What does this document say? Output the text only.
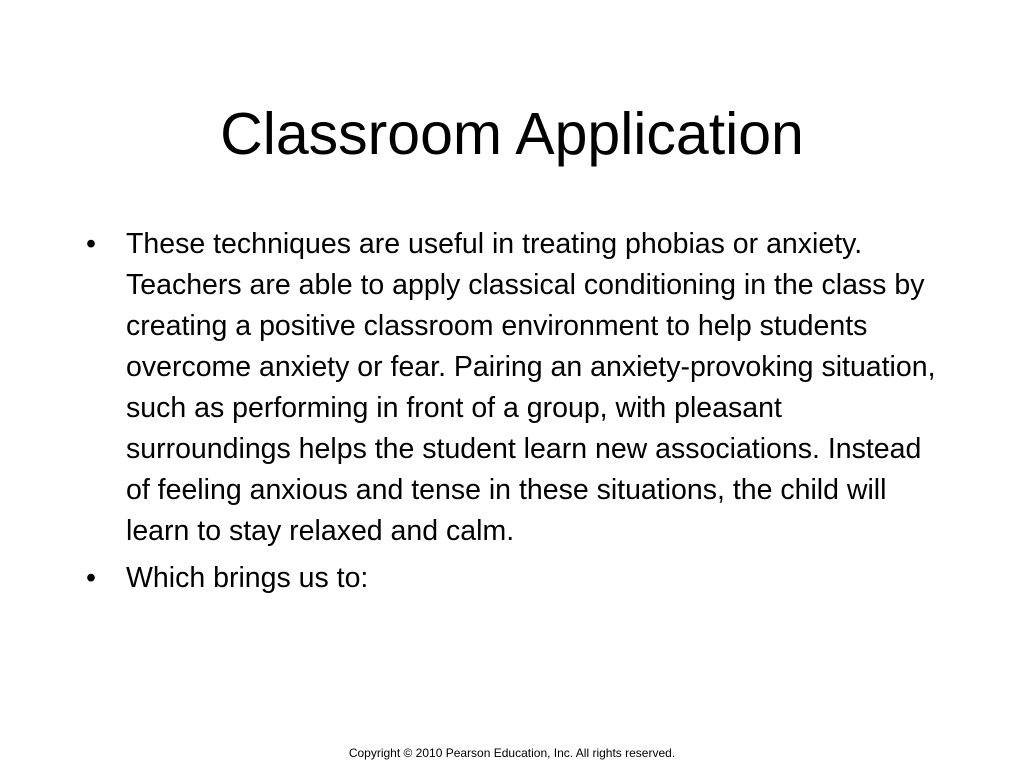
Classroom Application
•	These techniques are useful in treating phobias or anxiety.  Teachers are able to apply classical conditioning in the class by creating a positive classroom environment to help students overcome anxiety or fear. Pairing an anxiety-provoking situation, such as performing in front of a group, with pleasant surroundings helps the student learn new associations. Instead of feeling anxious and tense in these situations, the child will learn to stay relaxed and calm.
•	Which brings us to:
Copyright © 2010 Pearson Education, Inc. All rights reserved.
